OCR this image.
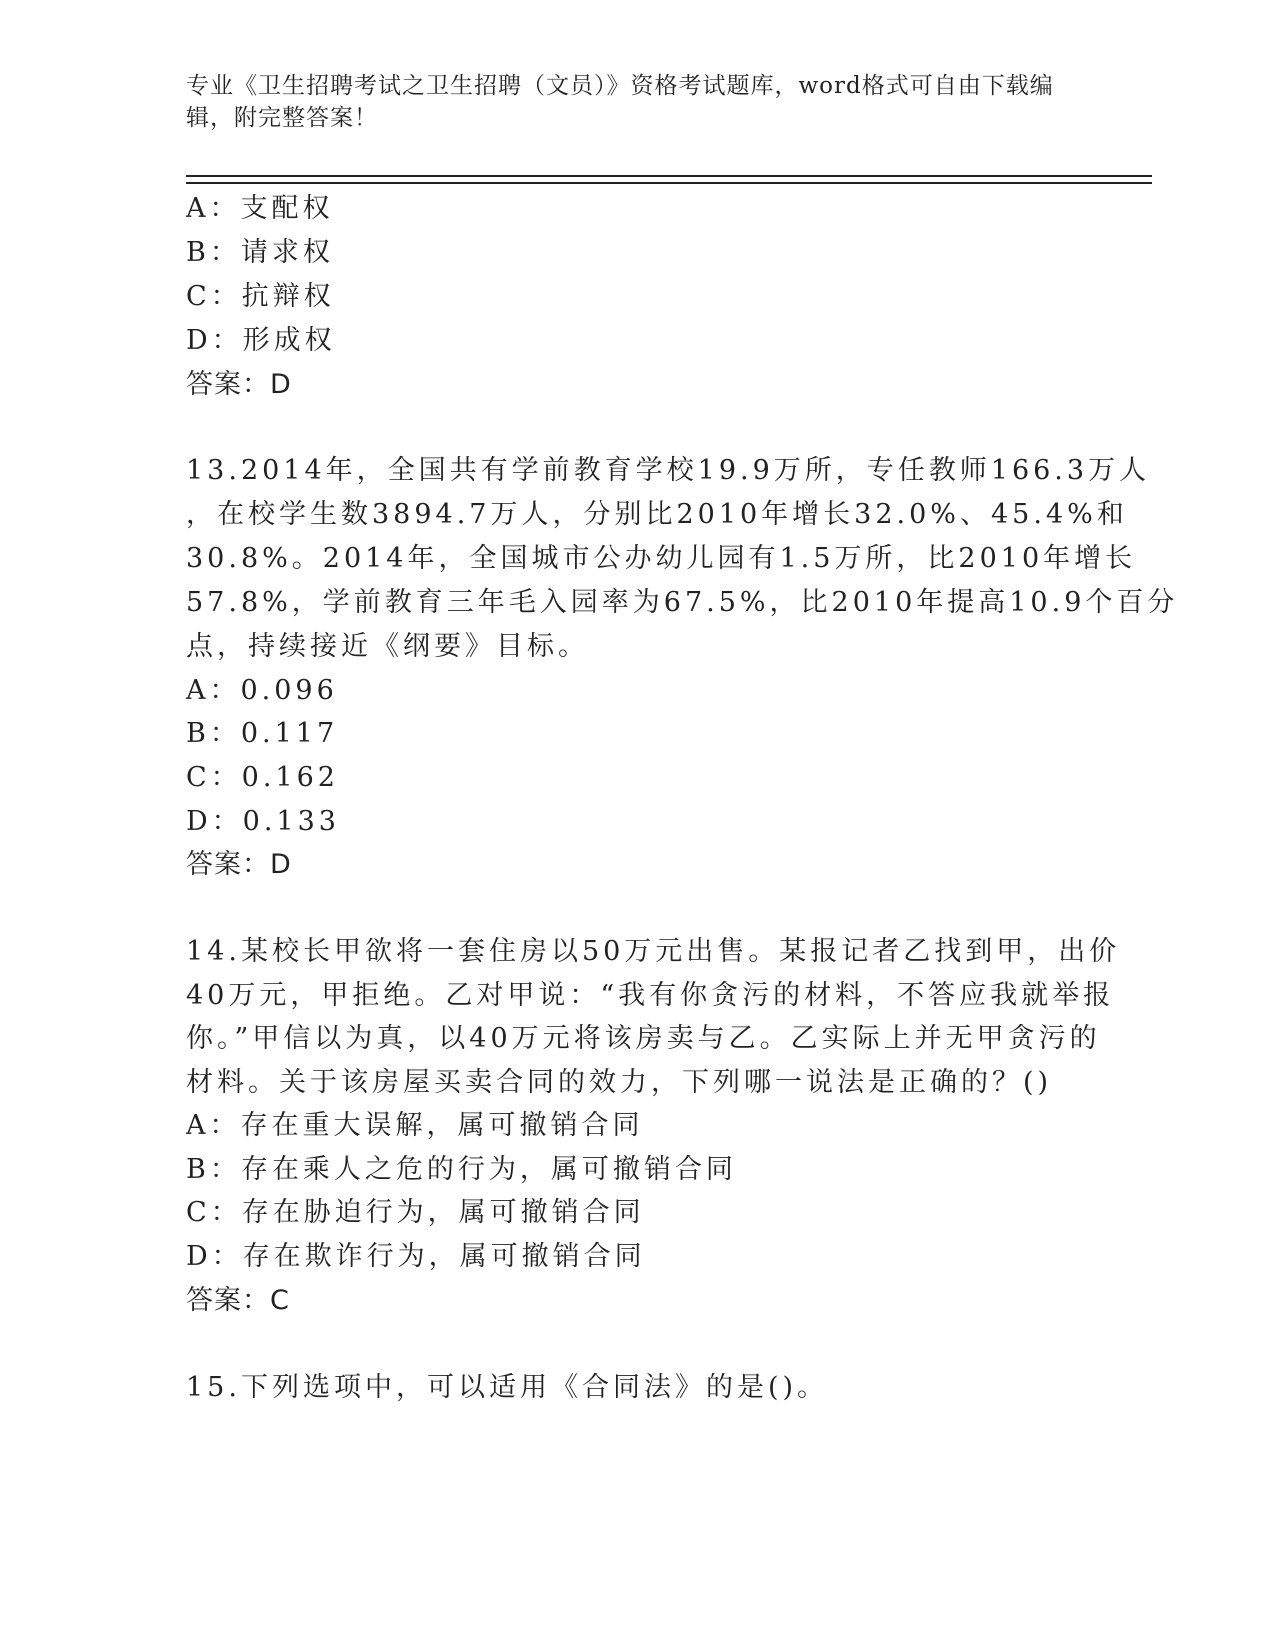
专业《卫生招聘考试之卫生招聘（文员）》资格考试题库，word格式可自由下载编辑，附完整答案！
A：支配权
B：请求权
C：抗辩权
D：形成权
答案：D
13.2014年，全国共有学前教育学校19.9万所，专任教师166.3万人
，在校学生数3894.7万人，分别比2010年增长32.0%、45.4%和
30.8%。2014年，全国城市公办幼儿园有1.5万所，比2010年增长
57.8%，学前教育三年毛入园率为67.5%，比2010年提高10.9个百分
点，持续接近《纲要》目标。
A：0.096
B：0.117
C：0.162
D：0.133
答案：D
14.某校长甲欲将一套住房以50万元出售。某报记者乙找到甲，出价
40万元，甲拒绝。乙对甲说：“我有你贪污的材料，不答应我就举报
你。”甲信以为真，以40万元将该房卖与乙。乙实际上并无甲贪污的
材料。关于该房屋买卖合同的效力，下列哪一说法是正确的？()
A：存在重大误解，属可撤销合同
B：存在乘人之危的行为，属可撤销合同
C：存在胁迫行为，属可撤销合同
D：存在欺诈行为，属可撤销合同
答案：C
15.下列选项中，可以适用《合同法》的是()。
